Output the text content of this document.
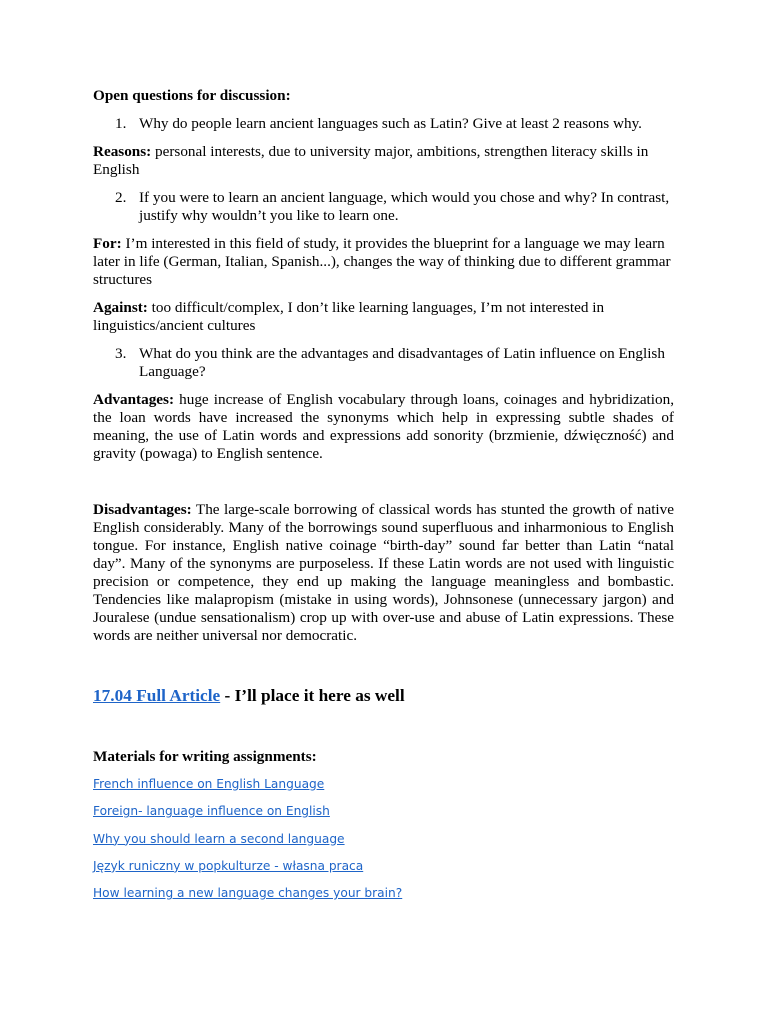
Open questions for discussion:

1. Why do people learn ancient languages such as Latin? Give at least 2 reasons why.

Reasons: personal interests, due to university major, ambitions, strengthen literacy skills in English

2. If you were to learn an ancient language, which would you chose and why? In contrast, justify why wouldn’t you like to learn one.

For: I’m interested in this field of study, it provides the blueprint for a language we may learn later in life (German, Italian, Spanish...), changes the way of thinking due to different grammar structures

Against: too difficult/complex, I don’t like learning languages, I’m not interested in linguistics/ancient cultures

3. What do you think are the advantages and disadvantages of Latin influence on English Language?

Advantages: huge increase of English vocabulary through loans, coinages and hybridization, the loan words have increased the synonyms which help in expressing subtle shades of meaning, the use of Latin words and expressions add sonority (brzmienie, dźwięczność) and gravity (powaga) to English sentence.

Disadvantages: The large-scale borrowing of classical words has stunted the growth of native English considerably. Many of the borrowings sound superfluous and inharmonious to English tongue. For instance, English native coinage “birth-day” sound far better than Latin “natal day”. Many of the synonyms are purposeless. If these Latin words are not used with linguistic precision or competence, they end up making the language meaningless and bombastic. Tendencies like malapropism (mistake in using words), Johnsonese (unnecessary jargon) and Jouralese (undue sensationalism) crop up with over-use and abuse of Latin expressions. These words are neither universal nor democratic.

17.04 Full Article - I’ll place it here as well

Materials for writing assignments:

French influence on English Language
Foreign- language influence on English
Why you should learn a second language
Język runiczny w popkulturze - własna praca
How learning a new language changes your brain?
